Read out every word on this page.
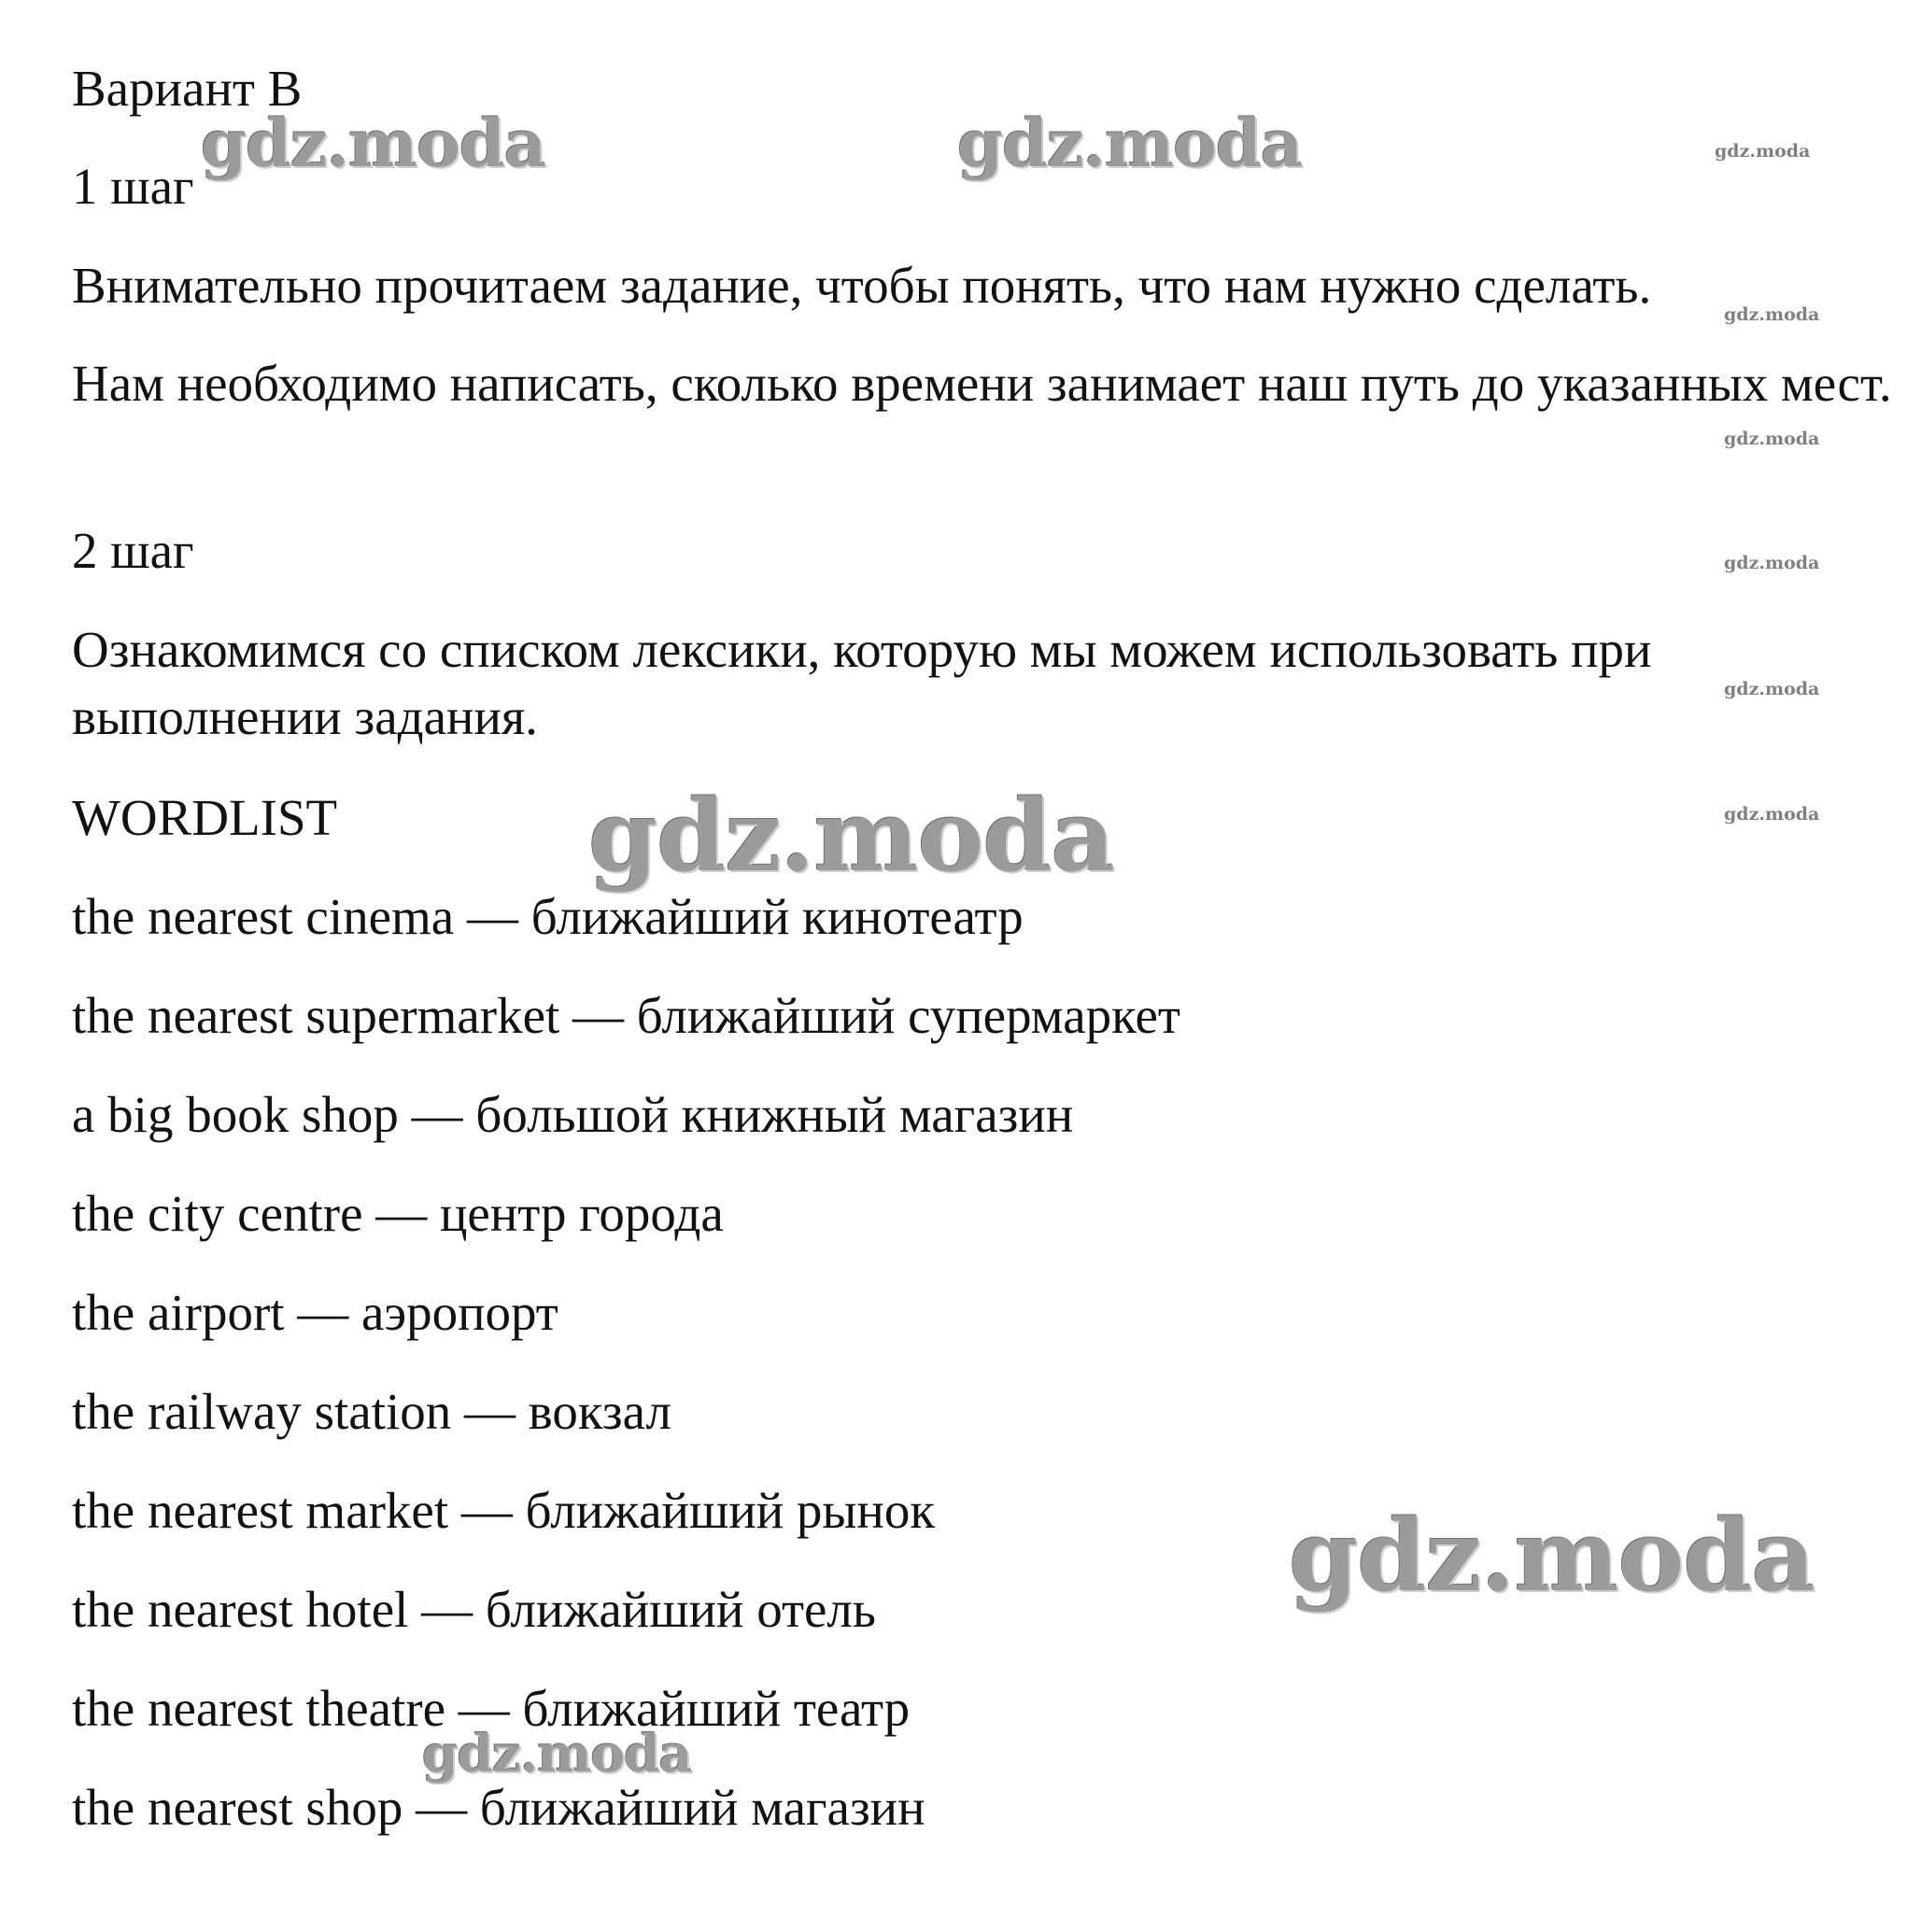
Вариант В
1 шаг
Внимательно прочитаем задание, чтобы понять, что нам нужно сделать.
Нам необходимо написать, сколько времени занимает наш путь до указанных мест.
2 шаг
Ознакомимся со списком лексики, которую мы можем использовать при выполнении задания.
WORDLIST
the nearest cinema — ближайший кинотеатр
the nearest supermarket — ближайший супермаркет
a big book shop — большой книжный магазин
the city centre — центр города
the airport — аэропорт
the railway station — вокзал
the nearest market — ближайший рынок
the nearest hotel — ближайший отель
the nearest theatre — ближайший театр
the nearest shop — ближайший магазин
gdz.moda	gdz.moda
gdz.moda
gdz.moda
gdz.moda
gdz.moda
gdz.moda
gdz.moda
gdz.moda
gdz.moda
gdz.moda
